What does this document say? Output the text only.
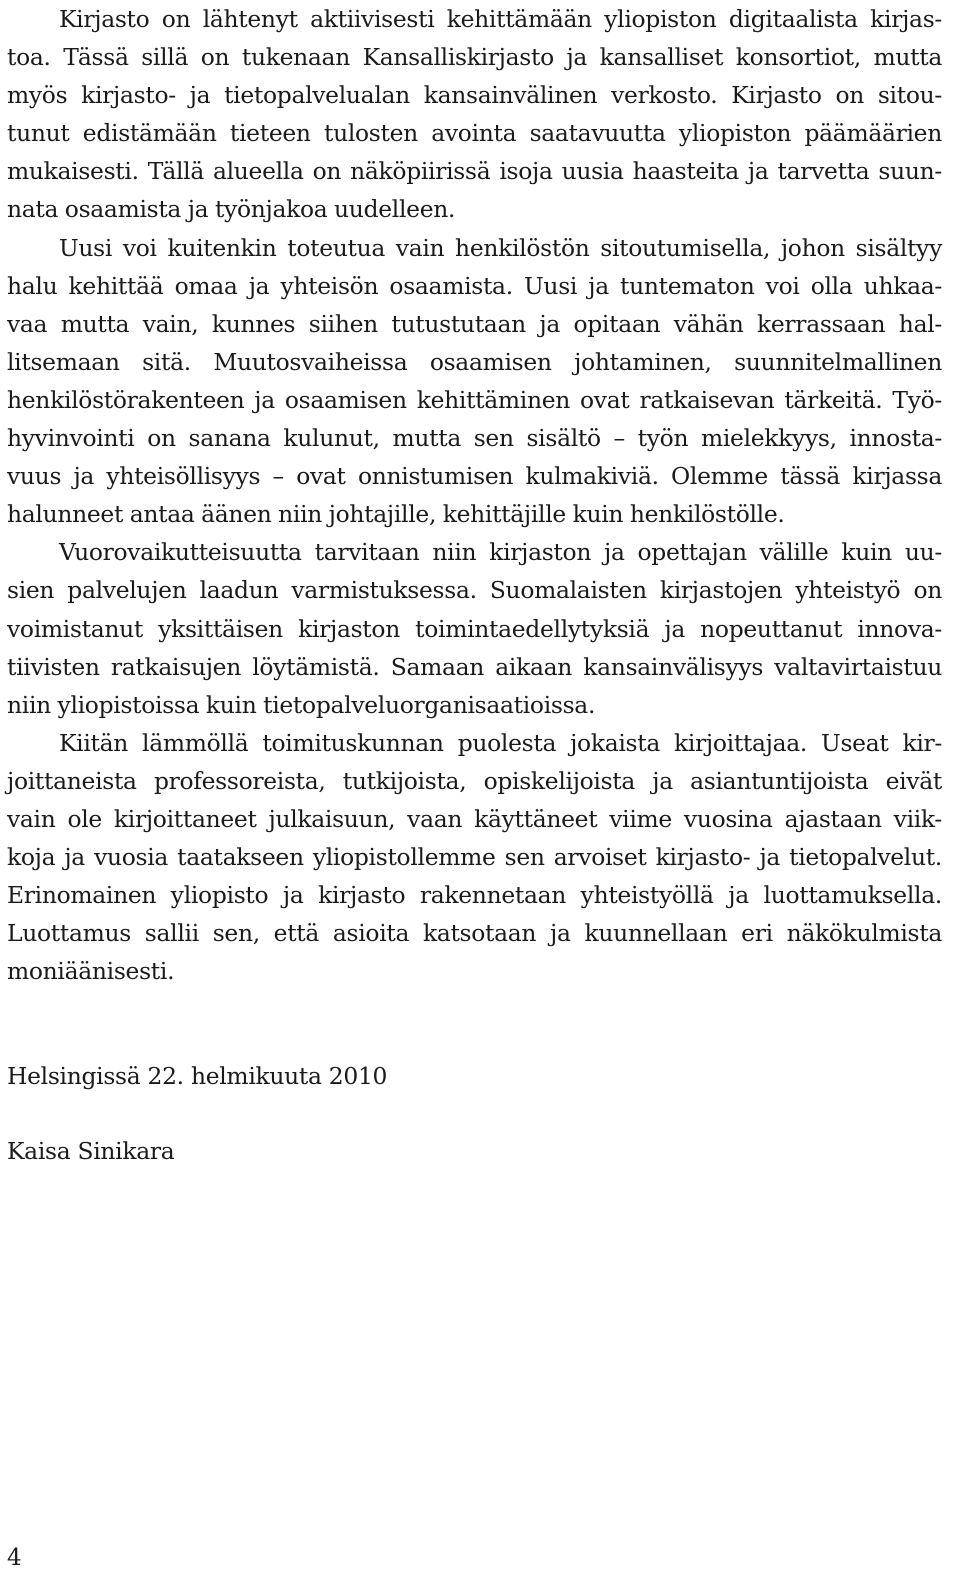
Kirjasto on lähtenyt aktiivisesti kehittämään yliopiston digitaalista kirjas-
toa. Tässä sillä on tukenaan Kansalliskirjasto ja kansalliset konsortiot, mutta
myös kirjasto- ja tietopalvelualan kansainvälinen verkosto. Kirjasto on sitou-
tunut edistämään tieteen tulosten avointa saatavuutta yliopiston päämäärien
mukaisesti. Tällä alueella on näköpiirissä isoja uusia haasteita ja tarvetta suun-
nata osaamista ja työnjakoa uudelleen.
Uusi voi kuitenkin toteutua vain henkilöstön sitoutumisella, johon sisältyy
halu kehittää omaa ja yhteisön osaamista. Uusi ja tuntematon voi olla uhkaa-
vaa mutta vain, kunnes siihen tutustutaan ja opitaan vähän kerrassaan hal-
litsemaan sitä. Muutosvaiheissa osaamisen johtaminen, suunnitelmallinen
henkilöstörakenteen ja osaamisen kehittäminen ovat ratkaisevan tärkeitä. Työ-
hyvinvointi on sanana kulunut, mutta sen sisältö – työn mielekkyys, innosta-
vuus ja yhteisöllisyys – ovat onnistumisen kulmakiviä. Olemme tässä kirjassa
halunneet antaa äänen niin johtajille, kehittäjille kuin henkilöstölle.
Vuorovaikutteisuutta tarvitaan niin kirjaston ja opettajan välille kuin uu-
sien palvelujen laadun varmistuksessa. Suomalaisten kirjastojen yhteistyö on
voimistanut yksittäisen kirjaston toimintaedellytyksiä ja nopeuttanut innova-
tiivisten ratkaisujen löytämistä. Samaan aikaan kansainvälisyys valtavirtaistuu
niin yliopistoissa kuin tietopalveluorganisaatioissa.
Kiitän lämmöllä toimituskunnan puolesta jokaista kirjoittajaa. Useat kir-
joittaneista professoreista, tutkijoista, opiskelijoista ja asiantuntijoista eivät
vain ole kirjoittaneet julkaisuun, vaan käyttäneet viime vuosina ajastaan viik-
koja ja vuosia taatakseen yliopistollemme sen arvoiset kirjasto- ja tietopalvelut.
Erinomainen yliopisto ja kirjasto rakennetaan yhteistyöllä ja luottamuksella.
Luottamus sallii sen, että asioita katsotaan ja kuunnellaan eri näkökulmista
moniäänisesti.
Helsingissä 22. helmikuuta 2010
Kaisa Sinikara
4
